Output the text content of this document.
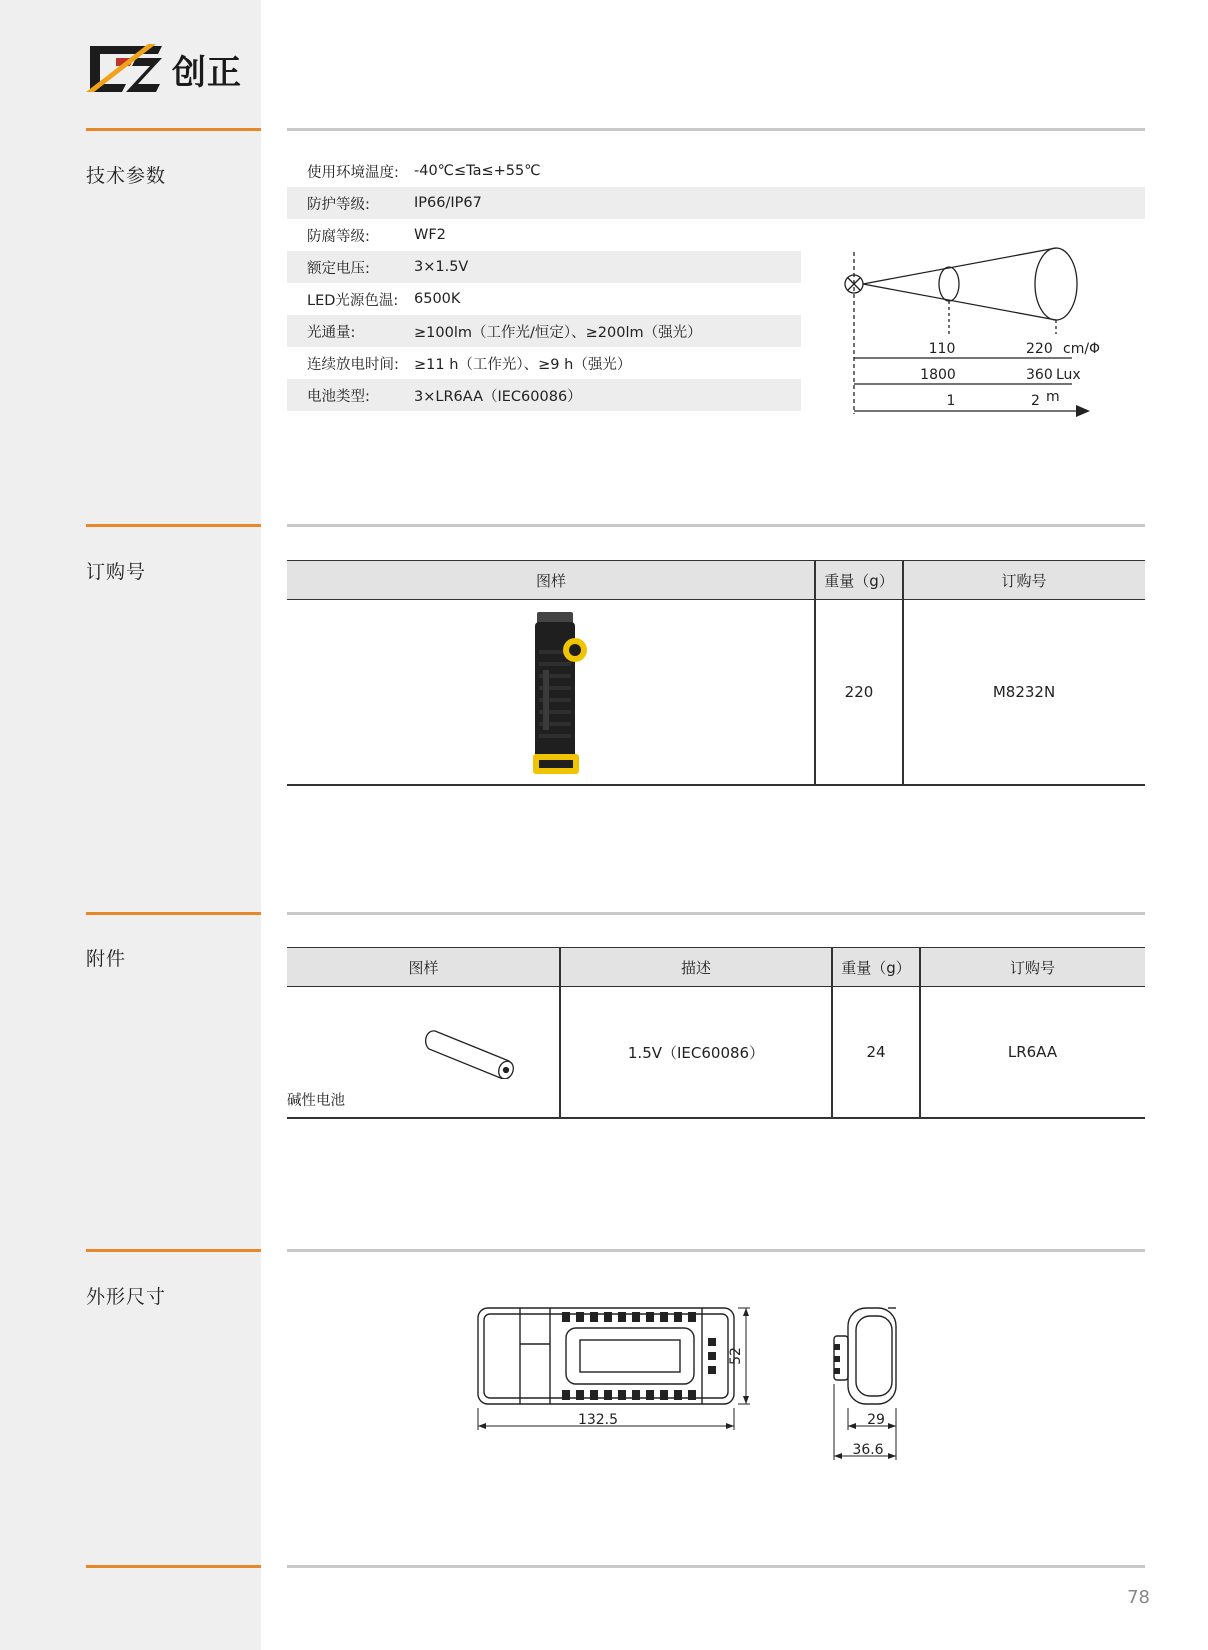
创正
技术参数
订购号
附件
外形尺寸
使用环境温度:	-40℃≤Ta≤+55℃
防护等级:	IP66/IP67
防腐等级:	WF2
额定电压:	3×1.5V
LED光源色温:	6500K
光通量:	≥100lm（工作光/恒定）、≥200lm（强光）
连续放电时间:	≥11 h（工作光）、≥9 h（强光）
电池类型:	3×LR6AA（IEC60086）
110	220 cm/Φ
1800	360 Lux
1	2 m
图样	重量（g）	订购号
220	M8232N
图样	描述	重量（g）	订购号
碱性电池
1.5V（IEC60086）	24	LR6AA
132.5
52
29
36.6
78
